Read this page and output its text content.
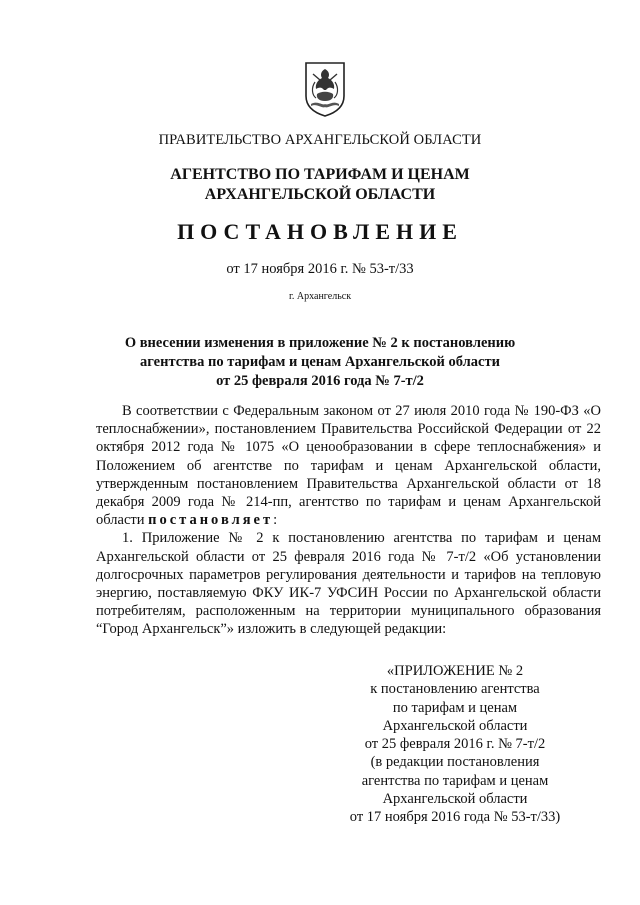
ПРАВИТЕЛЬСТВО АРХАНГЕЛЬСКОЙ ОБЛАСТИ
АГЕНТСТВО ПО ТАРИФАМ И ЦЕНАМ
АРХАНГЕЛЬСКОЙ ОБЛАСТИ
ПОСТАНОВЛЕНИЕ
от 17 ноября 2016 г. № 53-т/33
г. Архангельск
О внесении изменения в приложение № 2 к постановлению
агентства по тарифам и ценам Архангельской области
от 25 февраля 2016 года № 7-т/2

В соответствии с Федеральным законом от 27 июля 2010 года № 190-ФЗ «О теплоснабжении», постановлением Правительства Российской Федерации от 22 октября 2012 года № 1075 «О ценообразовании в сфере теплоснабжения» и Положением об агентстве по тарифам и ценам Архангельской области, утвержденным постановлением Правительства Архангельской области от 18 декабря 2009 года № 214-пп, агентство по тарифам и ценам Архангельской области постановляет:

1. Приложение № 2 к постановлению агентства по тарифам и ценам Архангельской области от 25 февраля 2016 года № 7-т/2 «Об установлении долгосрочных параметров регулирования деятельности и тарифов на тепловую энергию, поставляемую ФКУ ИК-7 УФСИН России по Архангельской области потребителям, расположенным на территории муниципального образования “Город Архангельск”» изложить в следующей редакции:

«ПРИЛОЖЕНИЕ № 2
к постановлению агентства
по тарифам и ценам
Архангельской области
от 25 февраля 2016 г. № 7-т/2
(в редакции постановления
агентства по тарифам и ценам
Архангельской области
от 17 ноября 2016 года № 53-т/33)
